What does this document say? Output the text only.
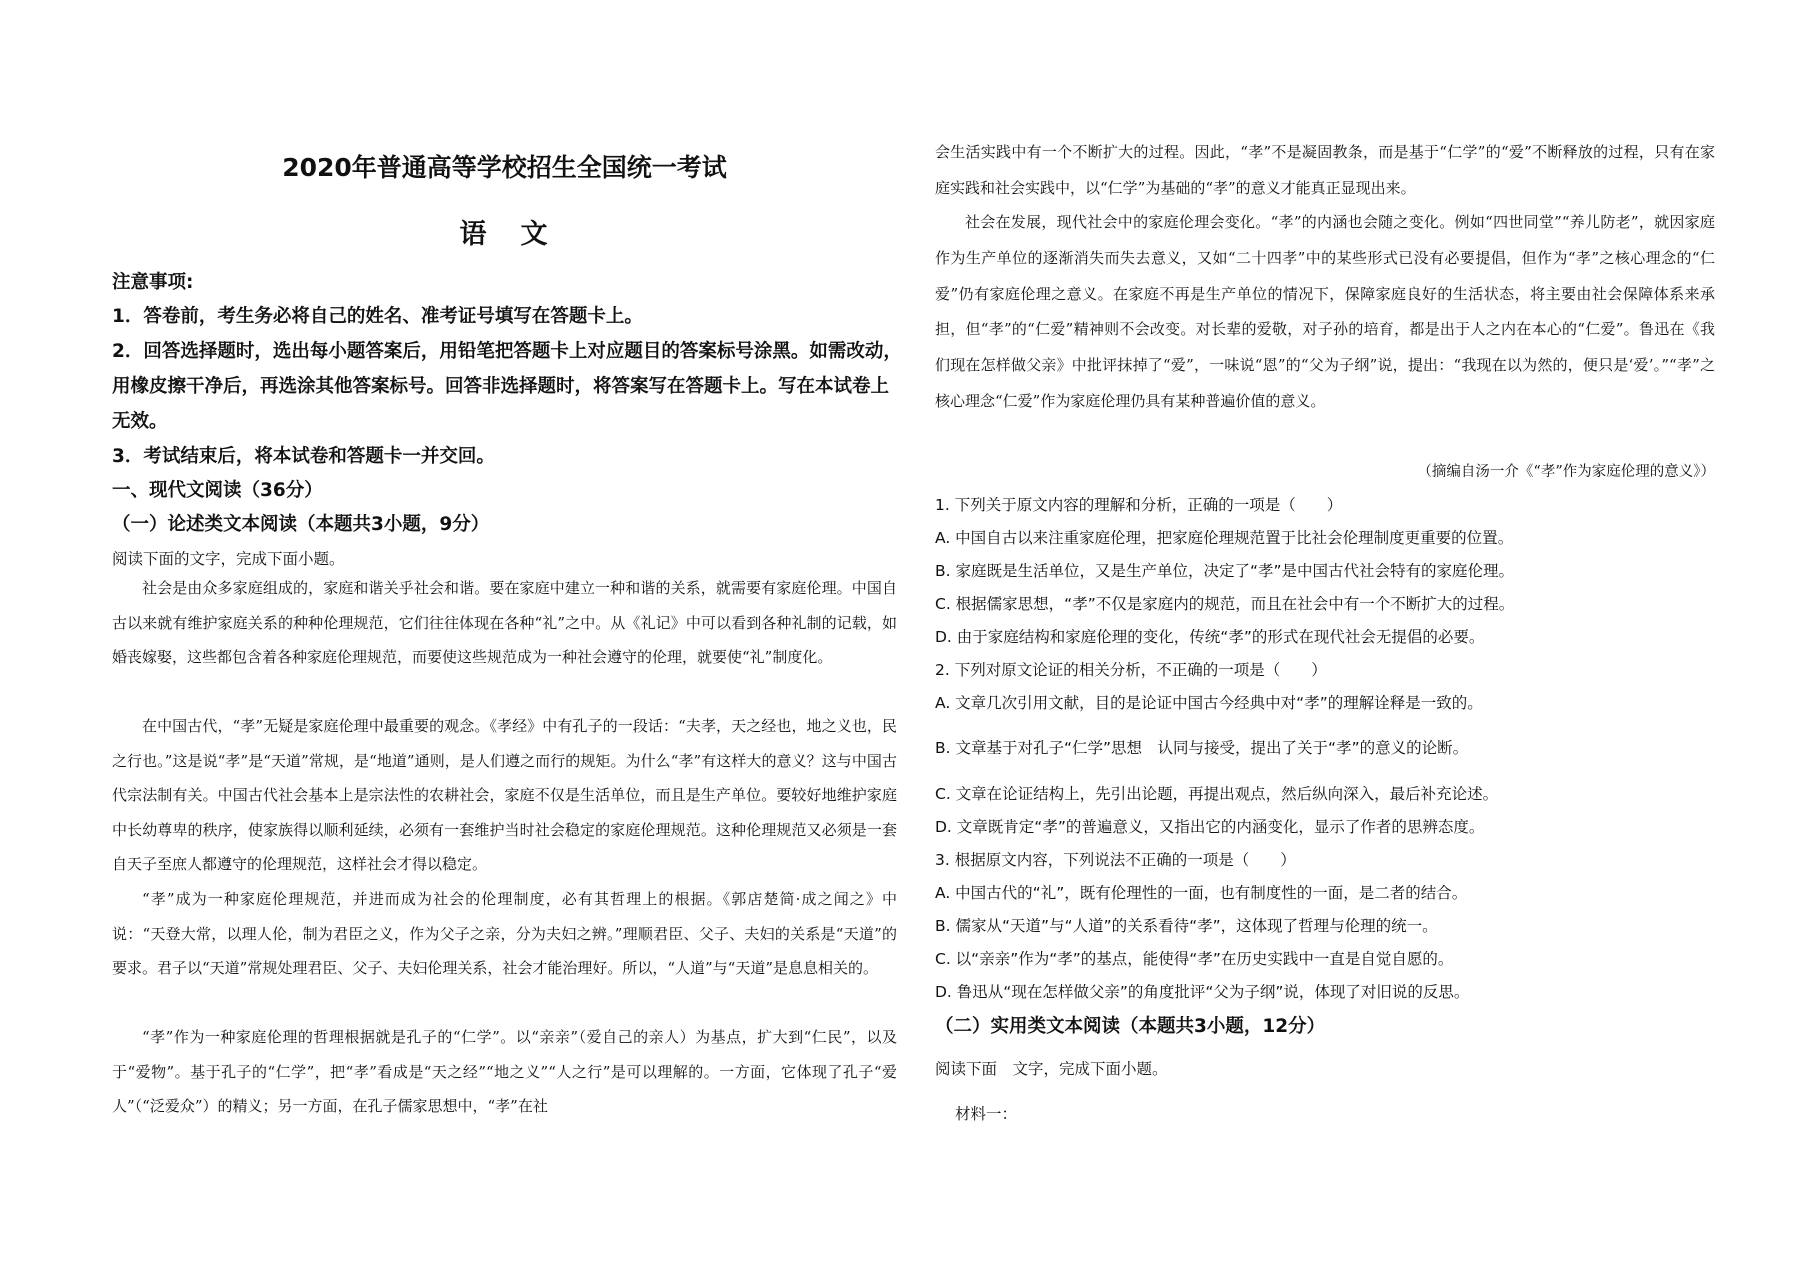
2020年普通高等学校招生全国统一考试
语 文
注意事项:
1．答卷前，考生务必将自己的姓名、准考证号填写在答题卡上。
2．回答选择题时，选出每小题答案后，用铅笔把答题卡上对应题目的答案标号涂黑。如需改动，
用橡皮擦干净后，再选涂其他答案标号。回答非选择题时，将答案写在答题卡上。写在本试卷上
无效。
3．考试结束后，将本试卷和答题卡一并交回。
一、现代文阅读（36分）
（一）论述类文本阅读（本题共3小题，9分）
阅读下面的文字，完成下面小题。

社会是由众多家庭组成的，家庭和谐关乎社会和谐。要在家庭中建立一种和谐的关系，就需要有家庭伦理。中国自古以来就有维护家庭关系的种种伦理规范，它们往往体现在各种“礼”之中。从《礼记》中可以看到各种礼制的记载，如婚丧嫁娶，这些都包含着各种家庭伦理规范，而要使这些规范成为一种社会遵守的伦理，就要使“礼”制度化。

在中国古代，“孝”无疑是家庭伦理中最重要的观念。《孝经》中有孔子的一段话：“夫孝，天之经也，地之义也，民之行也。”这是说“孝”是“天道”常规，是“地道”通则，是人们遵之而行的规矩。为什么“孝”有这样大的意义？这与中国古代宗法制有关。中国古代社会基本上是宗法性的农耕社会，家庭不仅是生活单位，而且是生产单位。要较好地维护家庭中长幼尊卑的秩序，使家族得以顺利延续，必须有一套维护当时社会稳定的家庭伦理规范。这种伦理规范又必须是一套自天子至庶人都遵守的伦理规范，这样社会才得以稳定。

“孝”成为一种家庭伦理规范，并进而成为社会的伦理制度，必有其哲理上的根据。《郭店楚简·成之闻之》中说：“天登大常，以理人伦，制为君臣之义，作为父子之亲，分为夫妇之辨。”理顺君臣、父子、夫妇的关系是“天道”的要求。君子以“天道”常规处理君臣、父子、夫妇伦理关系，社会才能治理好。所以，“人道”与“天道”是息息相关的。

“孝”作为一种家庭伦理的哲理根据就是孔子的“仁学”。以“亲亲”（爱自己的亲人）为基点，扩大到“仁民”，以及于“爱物”。基于孔子的“仁学”，把“孝”看成是“天之经”“地之义”“人之行”是可以理解的。一方面，它体现了孔子“爱人”（“泛爱众”）的精义；另一方面，在孔子儒家思想中，“孝”在社

会生活实践中有一个不断扩大的过程。因此，“孝”不是凝固教条，而是基于“仁学”的“爱”不断释放的过程，只有在家庭实践和社会实践中，以“仁学”为基础的“孝”的意义才能真正显现出来。

社会在发展，现代社会中的家庭伦理会变化。“孝”的内涵也会随之变化。例如“四世同堂”“养儿防老”，就因家庭作为生产单位的逐渐消失而失去意义，又如“二十四孝”中的某些形式已没有必要提倡，但作为“孝”之核心理念的“仁爱”仍有家庭伦理之意义。在家庭不再是生产单位的情况下，保障家庭良好的生活状态，将主要由社会保障体系来承担，但“孝”的“仁爱”精神则不会改变。对长辈的爱敬，对子孙的培育，都是出于人之内在本心的“仁爱”。鲁迅在《我们现在怎样做父亲》中批评抹掉了“爱”，一味说“恩”的“父为子纲”说，提出：“我现在以为然的，便只是‘爱’。”“孝”之核心理念“仁爱”作为家庭伦理仍具有某种普遍价值的意义。

（摘编自汤一介《“孝”作为家庭伦理的意义》）
1. 下列关于原文内容的理解和分析，正确的一项是（　　）
A. 中国自古以来注重家庭伦理，把家庭伦理规范置于比社会伦理制度更重要的位置。
B. 家庭既是生活单位，又是生产单位，决定了“孝”是中国古代社会特有的家庭伦理。
C. 根据儒家思想，“孝”不仅是家庭内的规范，而且在社会中有一个不断扩大的过程。
D. 由于家庭结构和家庭伦理的变化，传统“孝”的形式在现代社会无提倡的必要。
2. 下列对原文论证的相关分析，不正确的一项是（　　）
A. 文章几次引用文献，目的是论证中国古今经典中对“孝”的理解诠释是一致的。
B. 文章基于对孔子“仁学”思想　认同与接受，提出了关于“孝”的意义的论断。
C. 文章在论证结构上，先引出论题，再提出观点，然后纵向深入，最后补充论述。
D. 文章既肯定“孝”的普遍意义，又指出它的内涵变化，显示了作者的思辨态度。
3. 根据原文内容，下列说法不正确的一项是（　　）
A. 中国古代的“礼”，既有伦理性的一面，也有制度性的一面，是二者的结合。
B. 儒家从“天道”与“人道”的关系看待“孝”，这体现了哲理与伦理的统一。
C. 以“亲亲”作为“孝”的基点，能使得“孝”在历史实践中一直是自觉自愿的。
D. 鲁迅从“现在怎样做父亲”的角度批评“父为子纲”说，体现了对旧说的反思。
（二）实用类文本阅读（本题共3小题，12分）
阅读下面　文字，完成下面小题。
材料一：
